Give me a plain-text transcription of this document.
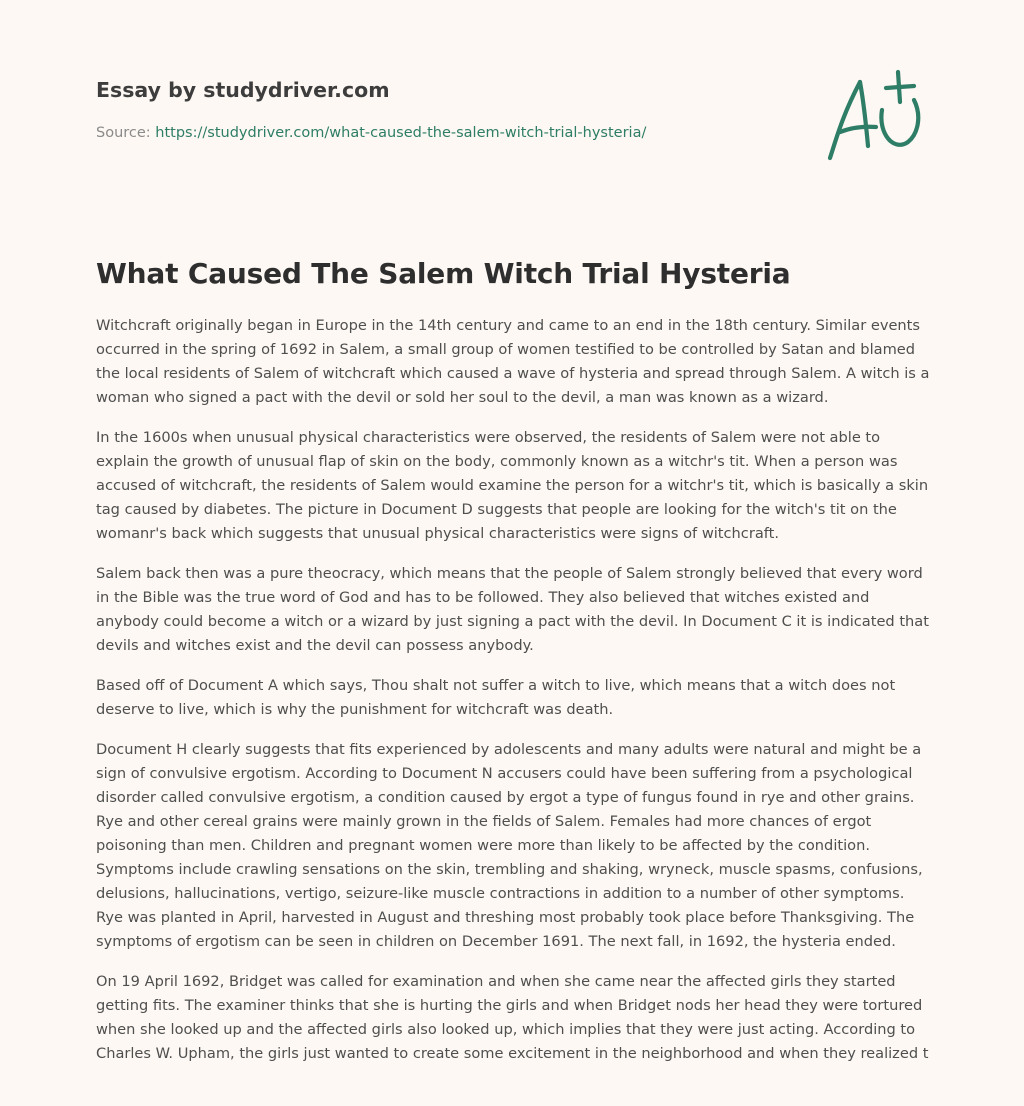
Essay by studydriver.com
Source: https://studydriver.com/what-caused-the-salem-witch-trial-hysteria/
What Caused The Salem Witch Trial Hysteria

Witchcraft originally began in Europe in the 14th century and came to an end in the 18th century. Similar events occurred in the spring of 1692 in Salem, a small group of women testified to be controlled by Satan and blamed the local residents of Salem of witchcraft which caused a wave of hysteria and spread through Salem. A witch is a woman who signed a pact with the devil or sold her soul to the devil, a man was known as a wizard.

In the 1600s when unusual physical characteristics were observed, the residents of Salem were not able to explain the growth of unusual flap of skin on the body, commonly known as a witchr's tit. When a person was accused of witchcraft, the residents of Salem would examine the person for a witchr's tit, which is basically a skin tag caused by diabetes. The picture in Document D suggests that people are looking for the witch's tit on the womanr's back which suggests that unusual physical characteristics were signs of witchcraft.

Salem back then was a pure theocracy, which means that the people of Salem strongly believed that every word in the Bible was the true word of God and has to be followed. They also believed that witches existed and anybody could become a witch or a wizard by just signing a pact with the devil. In Document C it is indicated that devils and witches exist and the devil can possess anybody.

Based off of Document A which says, Thou shalt not suffer a witch to live, which means that a witch does not deserve to live, which is why the punishment for witchcraft was death.

Document H clearly suggests that fits experienced by adolescents and many adults were natural and might be a sign of convulsive ergotism. According to Document N accusers could have been suffering from a psychological disorder called convulsive ergotism, a condition caused by ergot a type of fungus found in rye and other grains. Rye and other cereal grains were mainly grown in the fields of Salem. Females had more chances of ergot poisoning than men. Children and pregnant women were more than likely to be affected by the condition. Symptoms include crawling sensations on the skin, trembling and shaking, wryneck, muscle spasms, confusions, delusions, hallucinations, vertigo, seizure-like muscle contractions in addition to a number of other symptoms. Rye was planted in April, harvested in August and threshing most probably took place before Thanksgiving. The symptoms of ergotism can be seen in children on December 1691. The next fall, in 1692, the hysteria ended.

On 19 April 1692, Bridget was called for examination and when she came near the affected girls they started getting fits. The examiner thinks that she is hurting the girls and when Bridget nods her head they were tortured when she looked up and the affected girls also looked up, which implies that they were just acting. According to Charles W. Upham, the girls just wanted to create some excitement in the neighborhood and when they realized t
